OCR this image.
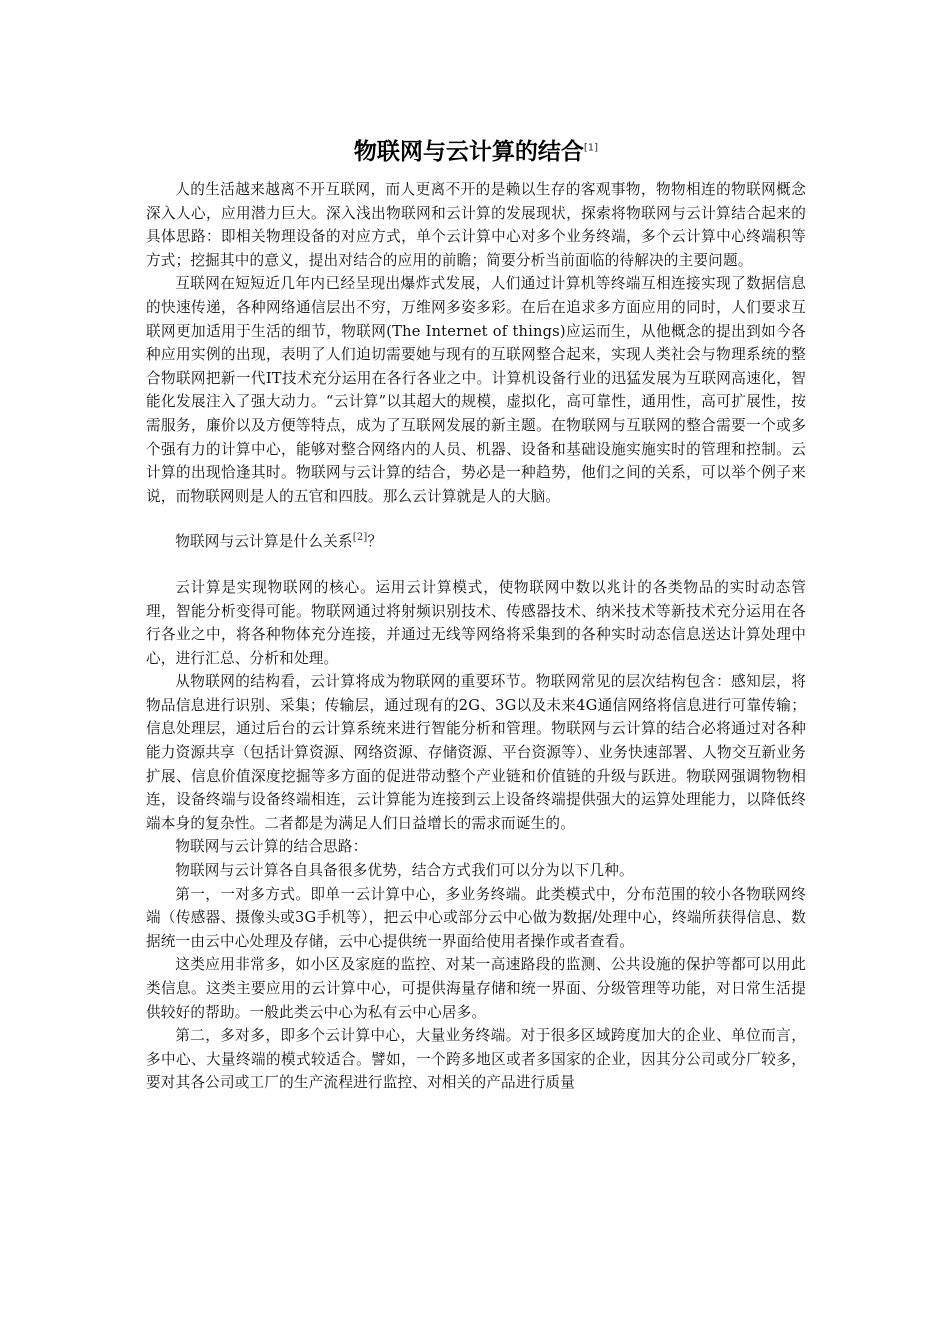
物联网与云计算的结合[1]

人的生活越来越离不开互联网，而人更离不开的是赖以生存的客观事物，物物相连的物联网概念深入人心，应用潜力巨大。深入浅出物联网和云计算的发展现状，探索将物联网与云计算结合起来的具体思路：即相关物理设备的对应方式，单个云计算中心对多个业务终端，多个云计算中心终端积等方式；挖掘其中的意义，提出对结合的应用的前瞻；简要分析当前面临的待解决的主要问题。

互联网在短短近几年内已经呈现出爆炸式发展，人们通过计算机等终端互相连接实现了数据信息的快速传递，各种网络通信层出不穷，万维网多姿多彩。在后在追求多方面应用的同时，人们要求互联网更加适用于生活的细节，物联网(The Internet of things)应运而生，从他概念的提出到如今各种应用实例的出现，表明了人们迫切需要她与现有的互联网整合起来，实现人类社会与物理系统的整合物联网把新一代IT技术充分运用在各行各业之中。计算机设备行业的迅猛发展为互联网高速化，智能化发展注入了强大动力。“云计算”以其超大的规模，虚拟化，高可靠性，通用性，高可扩展性，按需服务，廉价以及方便等特点，成为了互联网发展的新主题。在物联网与互联网的整合需要一个或多个强有力的计算中心，能够对整合网络内的人员、机器、设备和基础设施实施实时的管理和控制。云计算的出现恰逢其时。物联网与云计算的结合，势必是一种趋势，他们之间的关系，可以举个例子来说，而物联网则是人的五官和四肢。那么云计算就是人的大脑。

物联网与云计算是什么关系[2]？

云计算是实现物联网的核心。运用云计算模式，使物联网中数以兆计的各类物品的实时动态管理，智能分析变得可能。物联网通过将射频识别技术、传感器技术、纳米技术等新技术充分运用在各行各业之中，将各种物体充分连接，并通过无线等网络将采集到的各种实时动态信息送达计算处理中心，进行汇总、分析和处理。

从物联网的结构看，云计算将成为物联网的重要环节。物联网常见的层次结构包含：感知层，将物品信息进行识别、采集；传输层，通过现有的2G、3G以及未来4G通信网络将信息进行可靠传输；信息处理层，通过后台的云计算系统来进行智能分析和管理。物联网与云计算的结合必将通过对各种能力资源共享（包括计算资源、网络资源、存储资源、平台资源等）、业务快速部署、人物交互新业务扩展、信息价值深度挖掘等多方面的促进带动整个产业链和价值链的升级与跃进。物联网强调物物相连，设备终端与设备终端相连，云计算能为连接到云上设备终端提供强大的运算处理能力，以降低终端本身的复杂性。二者都是为满足人们日益增长的需求而诞生的。

物联网与云计算的结合思路：

物联网与云计算各自具备很多优势，结合方式我们可以分为以下几种。

第一，一对多方式。即单一云计算中心，多业务终端。此类模式中，分布范围的较小各物联网终端（传感器、摄像头或3G手机等），把云中心或部分云中心做为数据/处理中心，终端所获得信息、数据统一由云中心处理及存储，云中心提供统一界面给使用者操作或者查看。

这类应用非常多，如小区及家庭的监控、对某一高速路段的监测、公共设施的保护等都可以用此类信息。这类主要应用的云计算中心，可提供海量存储和统一界面、分级管理等功能，对日常生活提供较好的帮助。一般此类云中心为私有云中心居多。

第二，多对多，即多个云计算中心，大量业务终端。对于很多区域跨度加大的企业、单位而言，多中心、大量终端的模式较适合。譬如，一个跨多地区或者多国家的企业，因其分公司或分厂较多，要对其各公司或工厂的生产流程进行监控、对相关的产品进行质量
